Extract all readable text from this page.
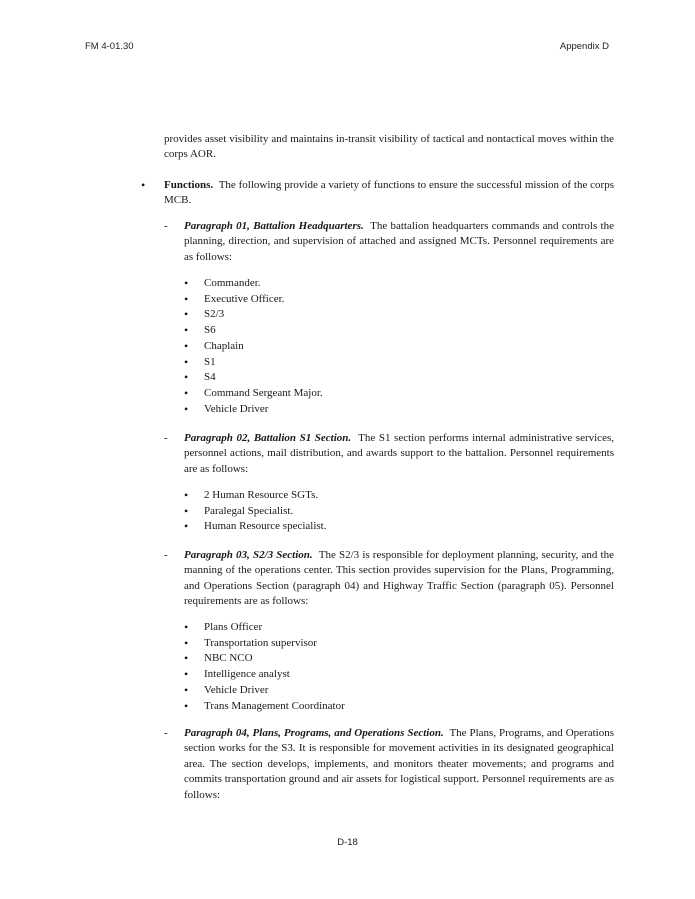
FM 4-01.30	Appendix D
provides asset visibility and maintains in-transit visibility of tactical and nontactical moves within the corps AOR.
• Functions. The following provide a variety of functions to ensure the successful mission of the corps MCB.
- Paragraph 01, Battalion Headquarters. The battalion headquarters commands and controls the planning, direction, and supervision of attached and assigned MCTs. Personnel requirements are as follows:
• Commander.
• Executive Officer.
• S2/3
• S6
• Chaplain
• S1
• S4
• Command Sergeant Major.
• Vehicle Driver
- Paragraph 02, Battalion S1 Section. The S1 section performs internal administrative services, personnel actions, mail distribution, and awards support to the battalion. Personnel requirements are as follows:
• 2 Human Resource SGTs.
• Paralegal Specialist.
• Human Resource specialist.
- Paragraph 03, S2/3 Section. The S2/3 is responsible for deployment planning, security, and the manning of the operations center. This section provides supervision for the Plans, Programming, and Operations Section (paragraph 04) and Highway Traffic Section (paragraph 05). Personnel requirements are as follows:
• Plans Officer
• Transportation supervisor
• NBC NCO
• Intelligence analyst
• Vehicle Driver
• Trans Management Coordinator
- Paragraph 04, Plans, Programs, and Operations Section. The Plans, Programs, and Operations section works for the S3. It is responsible for movement activities in its designated geographical area. The section develops, implements, and monitors theater movements; and programs and commits transportation ground and air assets for logistical support. Personnel requirements are as follows:
D-18
